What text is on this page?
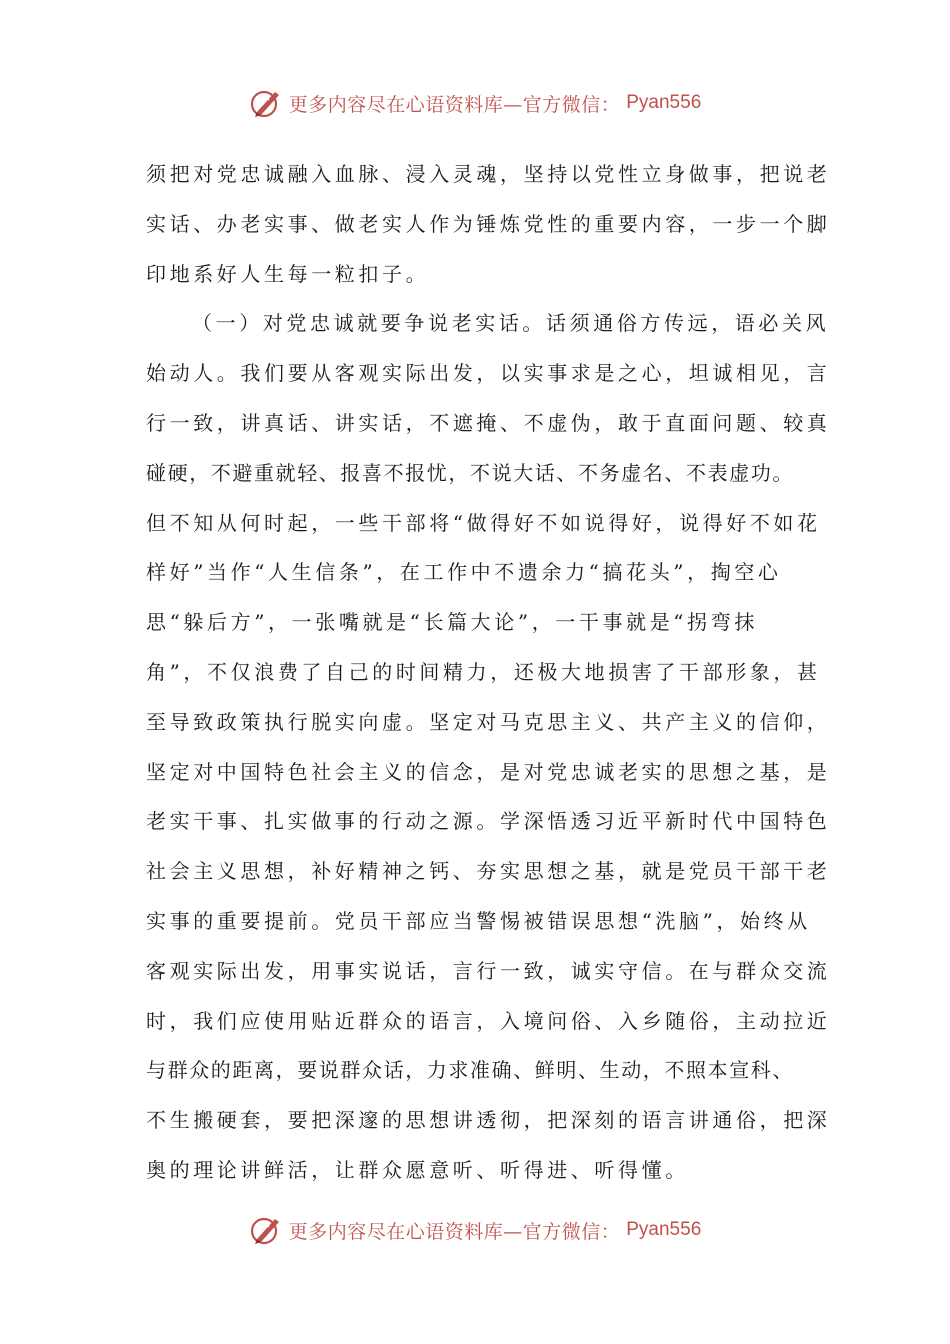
更多内容尽在心语资料库—官方微信： Pyan556
须把对党忠诚融入血脉、浸入灵魂，坚持以党性立身做事，把说老
实话、办老实事、做老实人作为锤炼党性的重要内容，一步一个脚
印地系好人生每一粒扣子。
（一）对党忠诚就要争说老实话。话须通俗方传远，语必关风
始动人。我们要从客观实际出发，以实事求是之心，坦诚相见，言
行一致，讲真话、讲实话，不遮掩、不虚伪，敢于直面问题、较真
碰硬，不避重就轻、报喜不报忧，不说大话、不务虚名、不表虚功。
但不知从何时起，一些干部将“做得好不如说得好，说得好不如花
样好”当作“人生信条”，在工作中不遗余力“搞花头”，掏空心
思“躲后方”，一张嘴就是“长篇大论”，一干事就是“拐弯抹
角”，不仅浪费了自己的时间精力，还极大地损害了干部形象，甚
至导致政策执行脱实向虚。坚定对马克思主义、共产主义的信仰，
坚定对中国特色社会主义的信念，是对党忠诚老实的思想之基，是
老实干事、扎实做事的行动之源。学深悟透习近平新时代中国特色
社会主义思想，补好精神之钙、夯实思想之基，就是党员干部干老
实事的重要提前。党员干部应当警惕被错误思想“洗脑”，始终从
客观实际出发，用事实说话，言行一致，诚实守信。在与群众交流
时，我们应使用贴近群众的语言，入境问俗、入乡随俗，主动拉近
与群众的距离，要说群众话，力求准确、鲜明、生动，不照本宣科、
不生搬硬套，要把深邃的思想讲透彻，把深刻的语言讲通俗，把深
奥的理论讲鲜活，让群众愿意听、听得进、听得懂。
更多内容尽在心语资料库—官方微信： Pyan556
